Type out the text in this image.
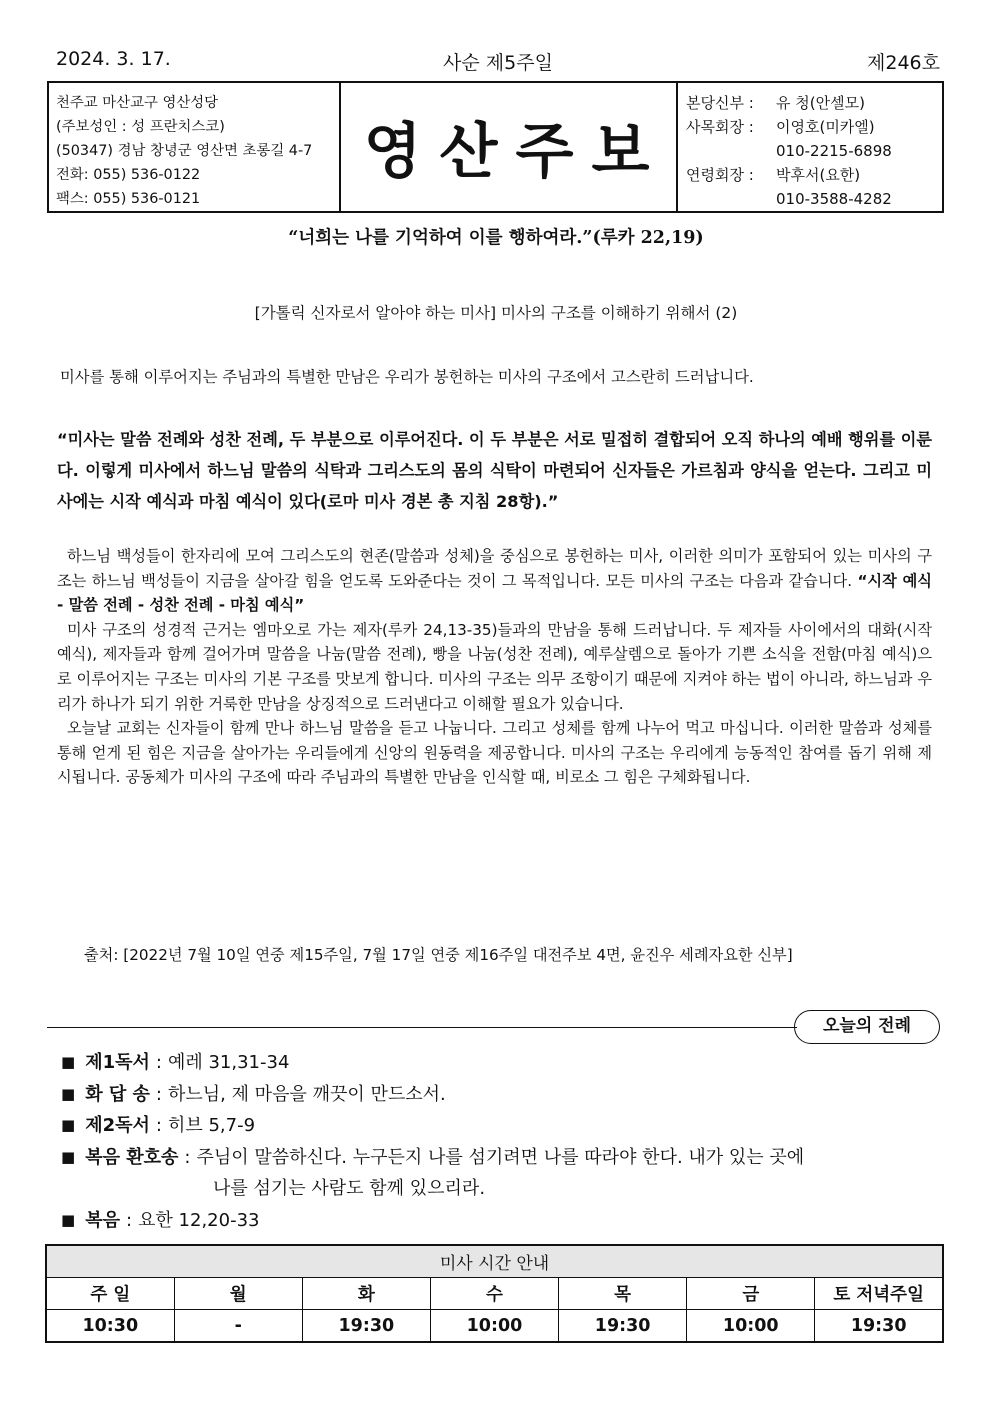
2024. 3. 17.	사순 제5주일	제246호
천주교 마산교구 영산성당
(주보성인 : 성 프란치스코)
(50347) 경남 창녕군 영산면 초롱길 4-7
전화: 055) 536-0122
팩스: 055) 536-0121
영산주보
본당신부 :	유 청(안셀모)
사목회장 :	이영호(미카엘)
010-2215-6898
연령회장 :	박후서(요한)
010-3588-4282
“너희는 나를 기억하여 이를 행하여라.”(루카 22,19)
[가톨릭 신자로서 알아야 하는 미사] 미사의 구조를 이해하기 위해서 (2)
미사를 통해 이루어지는 주님과의 특별한 만남은 우리가 봉헌하는 미사의 구조에서 고스란히 드러납니다.
“미사는 말씀 전례와 성찬 전례, 두 부분으로 이루어진다. 이 두 부분은 서로 밀접히 결합되어 오직 하나의 예배 행위를 이룬다. 이렇게 미사에서 하느님 말씀의 식탁과 그리스도의 몸의 식탁이 마련되어 신자들은 가르침과 양식을 얻는다. 그리고 미사에는 시작 예식과 마침 예식이 있다(로마 미사 경본 총 지침 28항).”

하느님 백성들이 한자리에 모여 그리스도의 현존(말씀과 성체)을 중심으로 봉헌하는 미사, 이러한 의미가 포함되어 있는 미사의 구조는 하느님 백성들이 지금을 살아갈 힘을 얻도록 도와준다는 것이 그 목적입니다. 모든 미사의 구조는 다음과 같습니다. “시작 예식 - 말씀 전례 - 성찬 전례 - 마침 예식”

미사 구조의 성경적 근거는 엠마오로 가는 제자(루카 24,13-35)들과의 만남을 통해 드러납니다. 두 제자들 사이에서의 대화(시작 예식), 제자들과 함께 걸어가며 말씀을 나눔(말씀 전례), 빵을 나눔(성찬 전례), 예루살렘으로 돌아가 기쁜 소식을 전함(마침 예식)으로 이루어지는 구조는 미사의 기본 구조를 맛보게 합니다. 미사의 구조는 의무 조항이기 때문에 지켜야 하는 법이 아니라, 하느님과 우리가 하나가 되기 위한 거룩한 만남을 상징적으로 드러낸다고 이해할 필요가 있습니다.

오늘날 교회는 신자들이 함께 만나 하느님 말씀을 듣고 나눕니다. 그리고 성체를 함께 나누어 먹고 마십니다. 이러한 말씀과 성체를 통해 얻게 된 힘은 지금을 살아가는 우리들에게 신앙의 원동력을 제공합니다. 미사의 구조는 우리에게 능동적인 참여를 돕기 위해 제시됩니다. 공동체가 미사의 구조에 따라 주님과의 특별한 만남을 인식할 때, 비로소 그 힘은 구체화됩니다.

출처: [2022년 7월 10일 연중 제15주일, 7월 17일 연중 제16주일 대전주보 4면, 윤진우 세례자요한 신부]
오늘의 전례
■ 제1독서 : 예레 31,31-34
■ 화 답 송 : 하느님, 제 마음을 깨끗이 만드소서.
■ 제2독서 : 히브 5,7-9
■ 복음 환호송 : 주님이 말씀하신다. 누구든지 나를 섬기려면 나를 따라야 한다. 내가 있는 곳에
나를 섬기는 사람도 함께 있으리라.
■ 복음 : 요한 12,20-33
미사 시간 안내						
주 일	월	화	수	목	금	토 저녁주일
10:30	-	19:30	10:00	19:30	10:00	19:30
